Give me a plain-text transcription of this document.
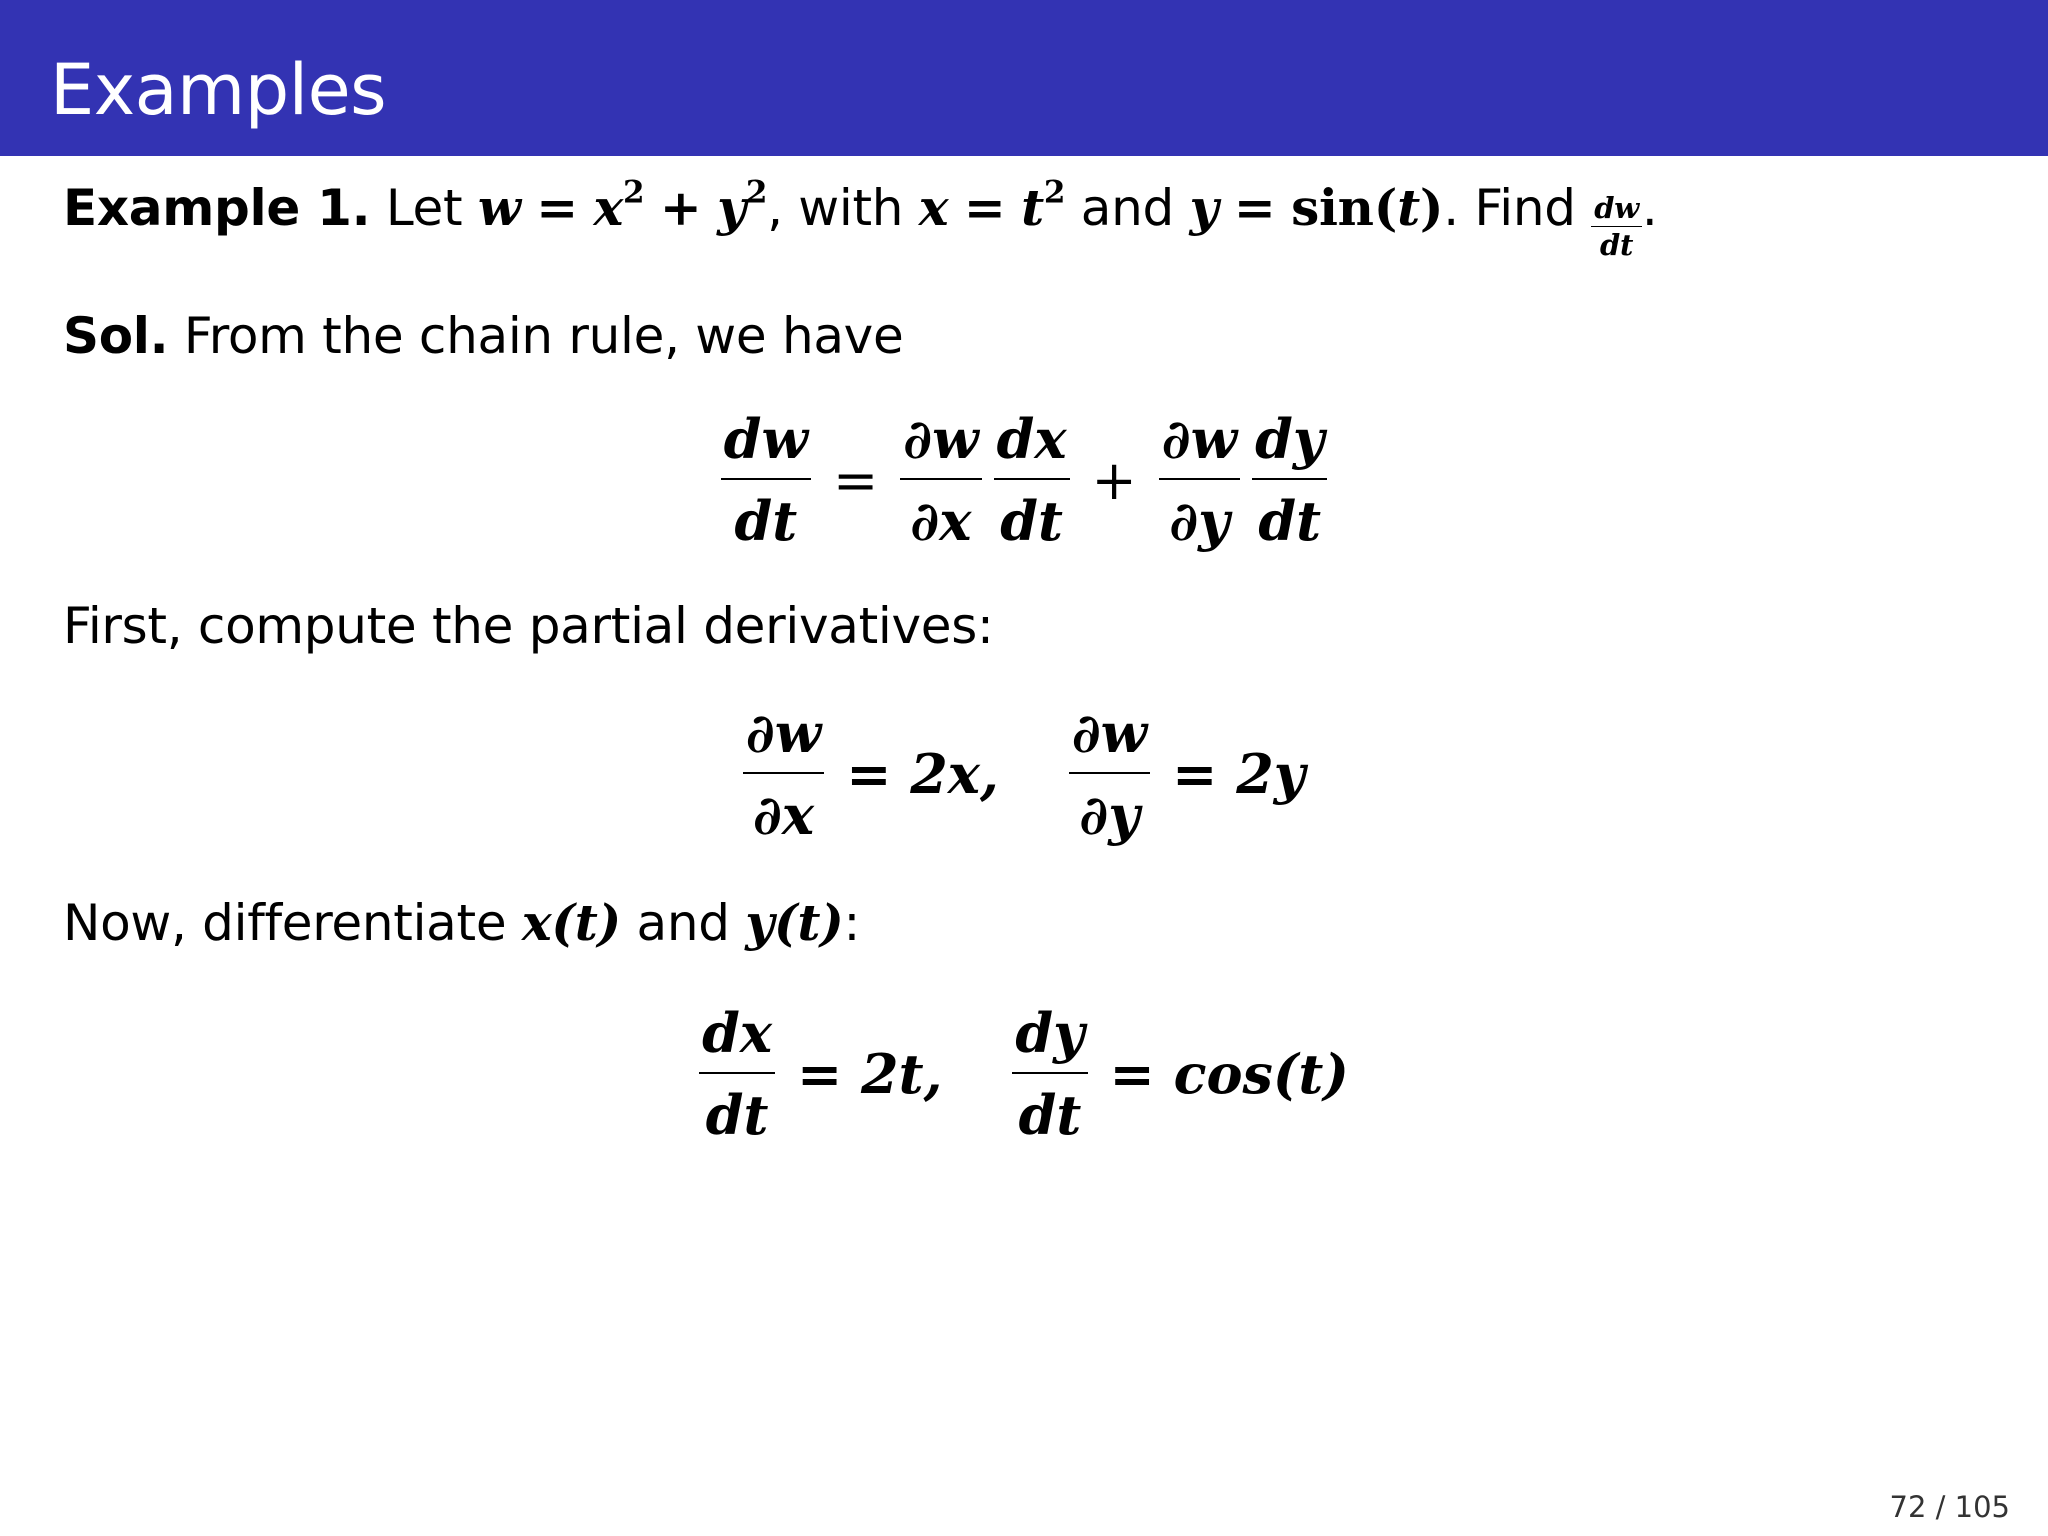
Examples
Example 1. Let $w = x^2 + y^2$, with $x = t^2$ and y = sin(t). Find $\frac{dw}{dt}$ .
Sol. From the chain rule, we have
$\frac{dw}{dt} = \frac{\partial w}{\partial x} \frac{dx}{dt} + \frac{\partial w}{\partial y} \frac{dy}{dt}$
First, compute the partial derivatives:
$\frac{\partial w}{\partial x} = 2x$, $\frac{\partial w}{\partial y} = 2y$
Now, differentiate x(t) and y(t):
$\frac{dx}{dt} = 2t$, $\frac{dy}{dt} = \cos(t)$
72 / 105
